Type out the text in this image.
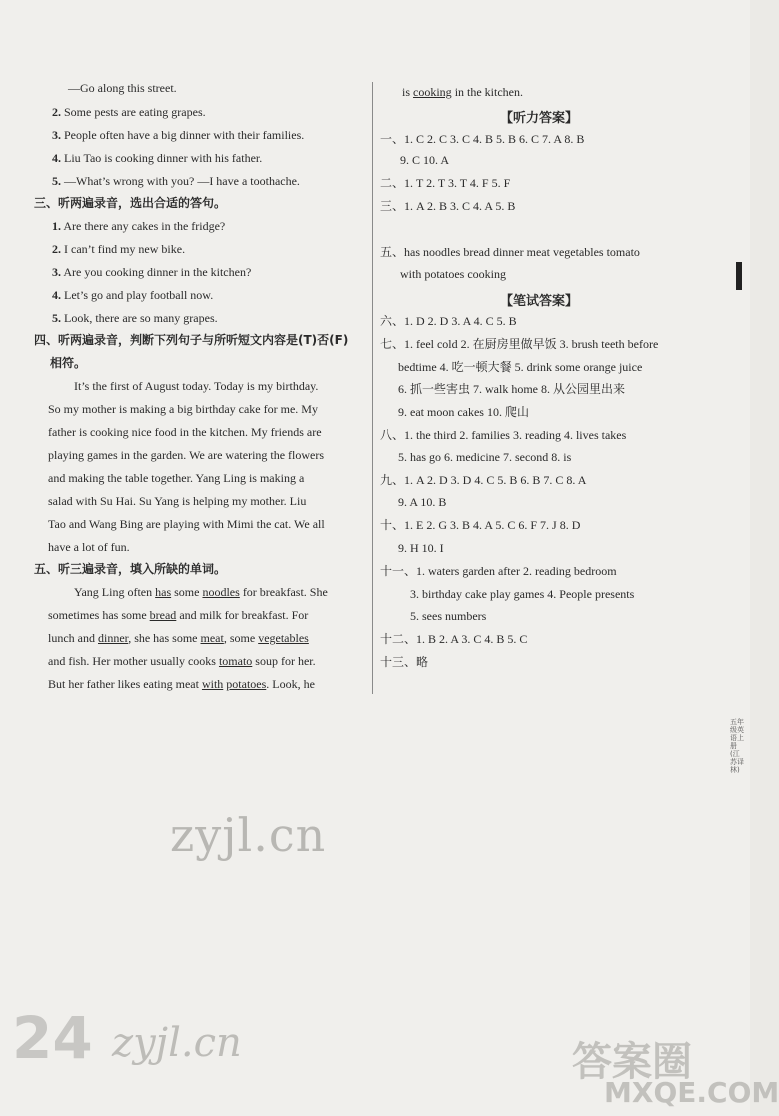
—Go along this street.
2. Some pests are eating grapes.
3. People often have a big dinner with their families.
4. Liu Tao is cooking dinner with his father.
5. —What’s wrong with you? —I have a toothache.
三、听两遍录音，选出合适的答句。
1. Are there any cakes in the fridge?
2. I can’t find my new bike.
3. Are you cooking dinner in the kitchen?
4. Let’s go and play football now.
5. Look, there are so many grapes.
四、听两遍录音，判断下列句子与所听短文内容是(T)否(F)
相符。
It’s the first of August today. Today is my birthday.
So my mother is making a big birthday cake for me. My
father is cooking nice food in the kitchen. My friends are
playing games in the garden. We are watering the flowers
and making the table together. Yang Ling is making a
salad with Su Hai. Su Yang is helping my mother. Liu
Tao and Wang Bing are playing with Mimi the cat. We all
have a lot of fun.
五、听三遍录音，填入所缺的单词。
Yang Ling often has some noodles for breakfast. She
sometimes has some bread and milk for breakfast. For
lunch and dinner, she has some meat, some vegetables
and fish. Her mother usually cooks tomato soup for her.
But her father likes eating meat with potatoes. Look, he
is cooking in the kitchen.
【听力答案】
一、1. C 2. C 3. C 4. B 5. B 6. C 7. A 8. B
9. C 10. A
二、1. T 2. T 3. T 4. F 5. F
三、1. A 2. B 3. C 4. A 5. B
五、has noodles bread dinner meat vegetables tomato
with potatoes cooking
【笔试答案】
六、1. D 2. D 3. A 4. C 5. B
七、1. feel cold 2. 在厨房里做早饭 3. brush teeth before
bedtime 4. 吃一顿大餐 5. drink some orange juice
6. 抓一些害虫 7. walk home 8. 从公园里出来
9. eat moon cakes 10. 爬山
八、1. the third 2. families 3. reading 4. lives takes
5. has go 6. medicine 7. second 8. is
九、1. A 2. D 3. D 4. C 5. B 6. B 7. C 8. A
9. A 10. B
十、1. E 2. G 3. B 4. A 5. C 6. F 7. J 8. D
9. H 10. I
十一、1. waters garden after 2. reading bedroom
3. birthday cake play games 4. People presents
5. sees numbers
十二、1. B 2. A 3. C 4. B 5. C
十三、略
五年级英语上册(江苏译林)
zyjl.cn
24 zyjl.cn	答案圈
MXQE.COM
